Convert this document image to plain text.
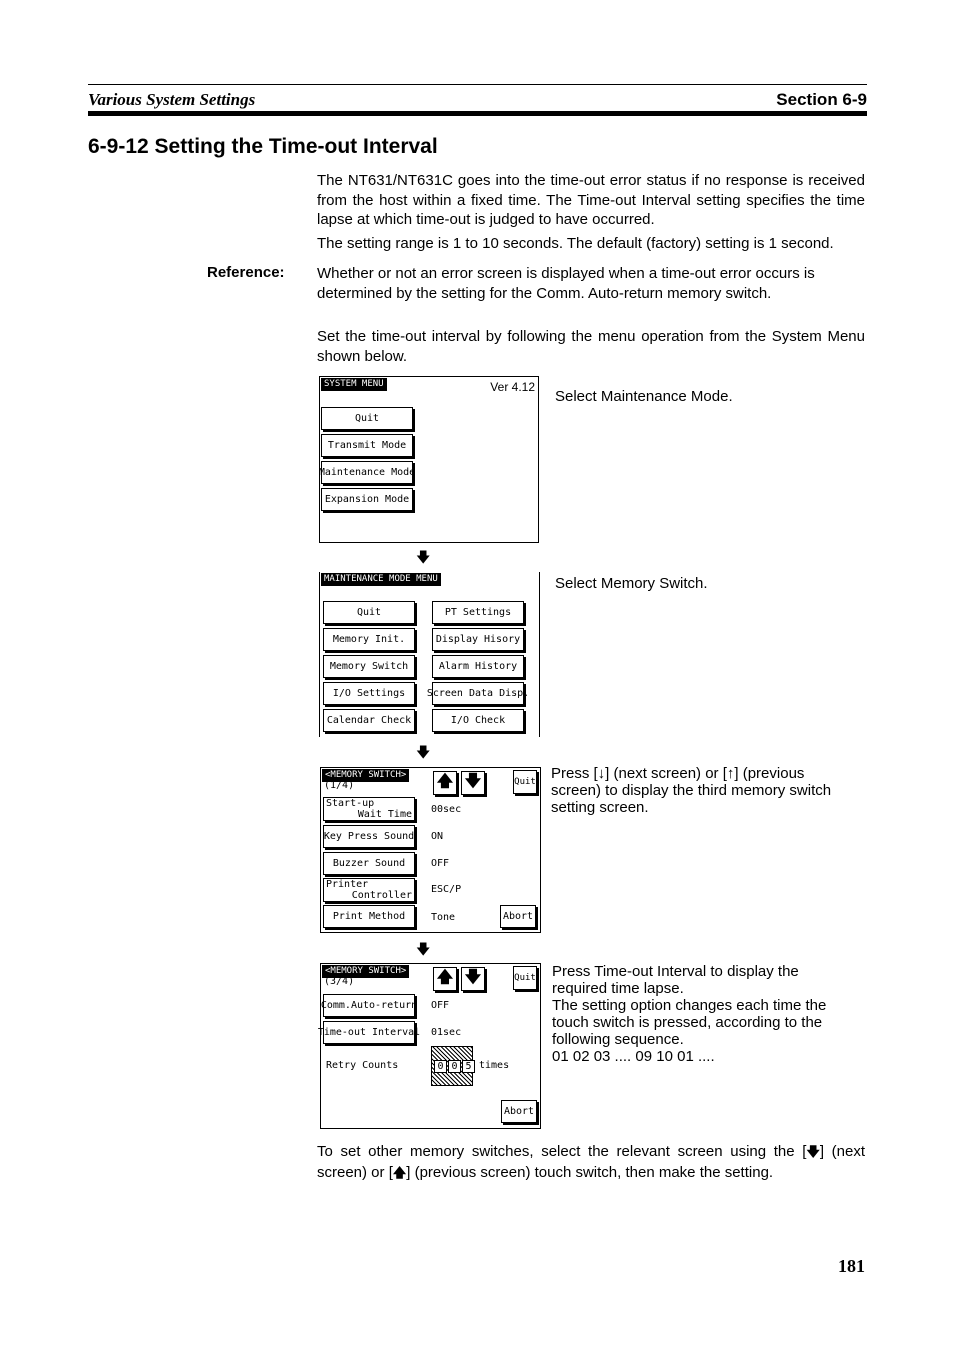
Various System Settings	Section 6-9
6-9-12 Setting the Time-out Interval
The NT631/NT631C goes into the time-out error status if no response is received from the host within a fixed time. The Time-out Interval setting specifies the time lapse at which time-out is judged to have occurred.
The setting range is 1 to 10 seconds. The default (factory) setting is 1 second.
Reference: Whether or not an error screen is displayed when a time-out error occurs is determined by the setting for the Comm. Auto-return memory switch.
Set the time-out interval by following the menu operation from the System Menu shown below.
SYSTEM MENU	Ver 4.12
Quit
Transmit Mode
Maintenance Mode
Expansion Mode
Select Maintenance Mode.
🡇
MAINTENANCE MODE MENU
Quit
Memory Init.
Memory Switch
I/O Settings
Calendar Check
PT Settings
Display Hisory
Alarm History
Screen Data Disp.
I/O Check
Select Memory Switch.
🡇
<MEMORY SWITCH>
(1/4)	🡅 🡇	Quit
Start-up
Wait Time 00sec
Key Press Sound ON
Buzzer Sound	OFF
Printer
Controller
ESC/P
Print Method	Tone	Abort
Press [↓] (next screen) or [↑] (previous screen) to display the third memory switch setting screen.
🡇
<MEMORY SWITCH>
(3/4)	🡅 🡇	Quit
Comm.Auto-return OFF
Time-out Interval 01sec
Retry Counts	0 0 5 times
Abort
Press Time-out Interval to display the
required time lapse.
The setting option changes each time the
touch switch is pressed, according to the
following sequence.
01 02 03 .... 09 10 01 ....
To set other memory switches, select the relevant screen using the [🡇] (next screen) or [🡅] (previous screen) touch switch, then make the setting.
181
